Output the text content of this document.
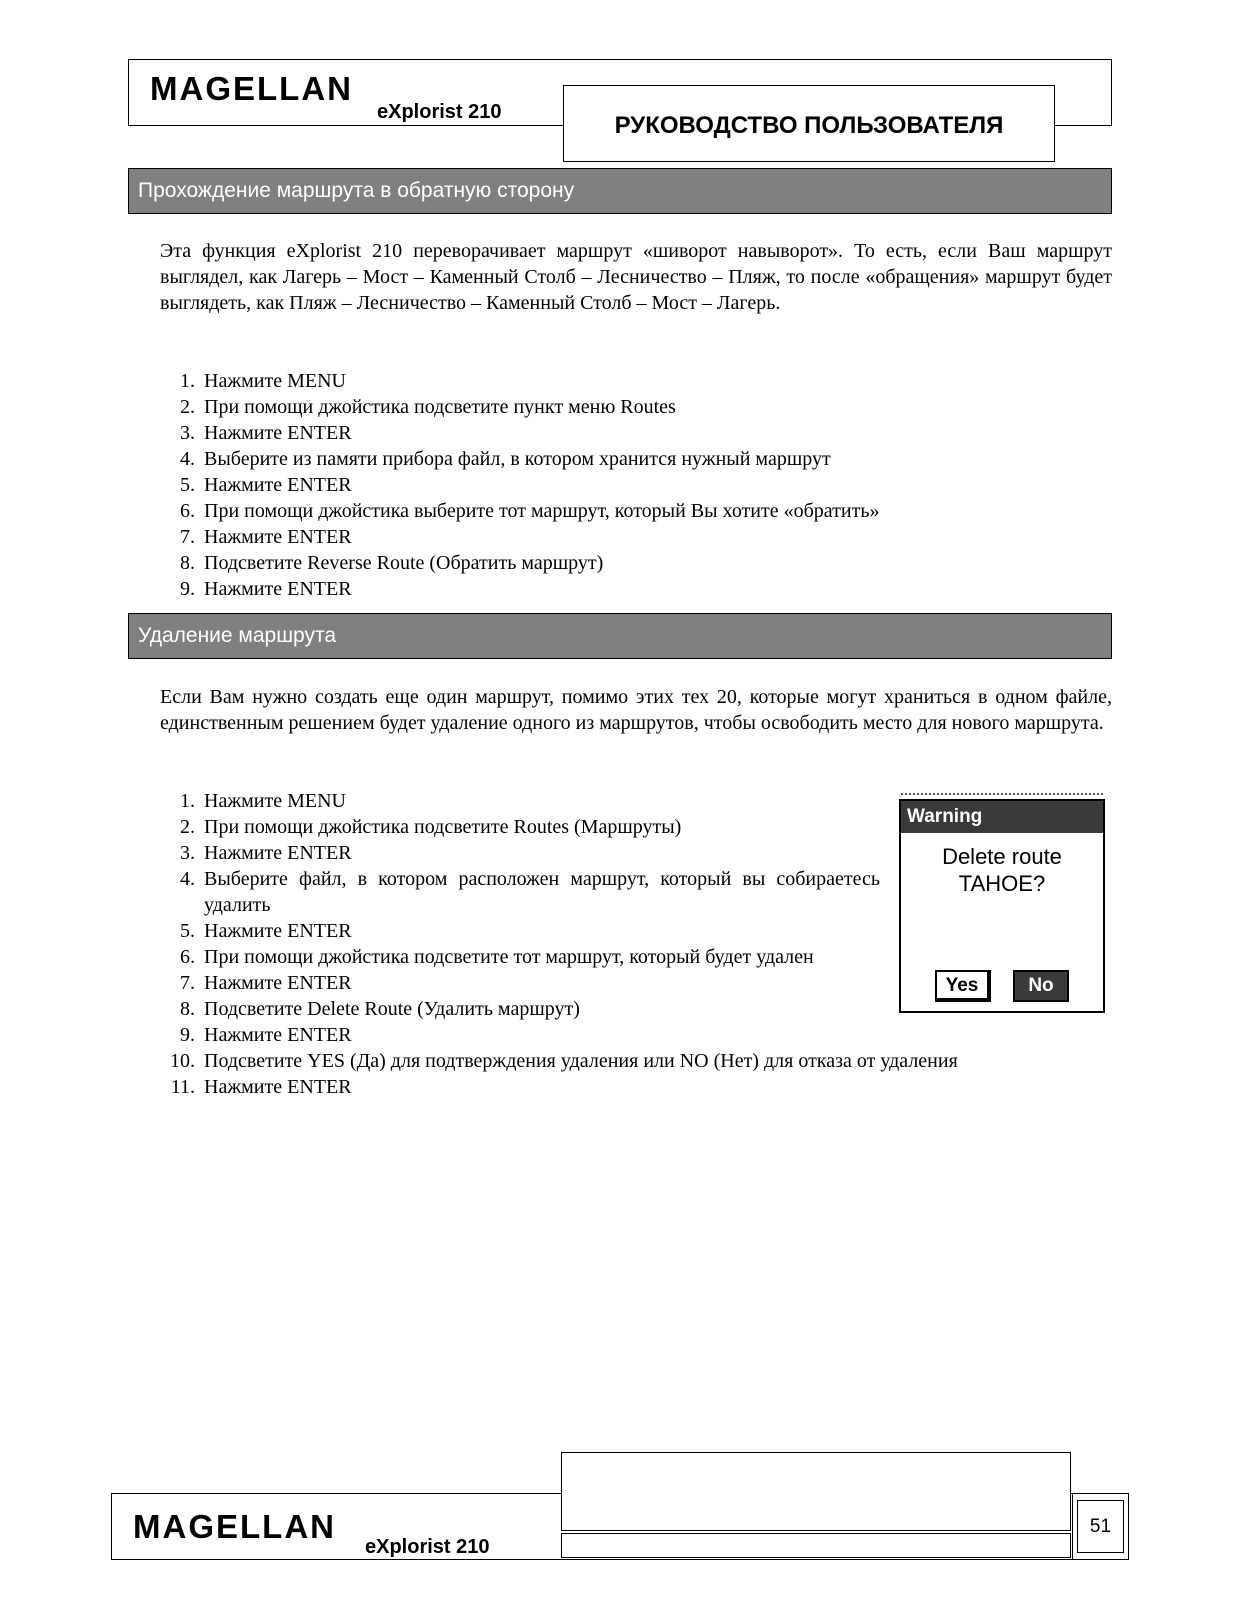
MAGELLAN
eXplorist 210	РУКОВОДСТВО ПОЛЬЗОВАТЕЛЯ
Прохождение маршрута в обратную сторону
Эта функция eXplorist 210 переворачивает маршрут «шиворот навыворот». То есть, если Ваш маршрут выглядел, как Лагерь – Мост – Каменный Столб – Лесничество – Пляж, то после «обращения» маршрут будет выглядеть, как Пляж – Лесничество – Каменный Столб – Мост – Лагерь.
1. Нажмите MENU
2. При помощи джойстика подсветите пункт меню Routes
3. Нажмите ENTER
4. Выберите из памяти прибора файл, в котором хранится нужный маршрут
5. Нажмите ENTER
6. При помощи джойстика выберите тот маршрут, который Вы хотите «обратить»
7. Нажмите ENTER
8. Подсветите Reverse Route (Обратить маршрут)
9. Нажмите ENTER
Удаление маршрута
Если Вам нужно создать еще один маршрут, помимо этих тех 20, которые могут храниться в одном файле, единственным решением будет удаление одного из маршрутов, чтобы освободить место для нового маршрута.
1. Нажмите MENU
2. При помощи джойстика подсветите Routes (Маршруты)
3. Нажмите ENTER
4. Выберите файл, в котором расположен маршрут, который вы собираетесь удалить
5. Нажмите ENTER
6. При помощи джойстика подсветите тот маршрут, который будет удален
7. Нажмите ENTER
8. Подсветите Delete Route (Удалить маршрут)
9. Нажмите ENTER
10. Подсветите YES (Да) для подтверждения удаления или NO (Нет) для отказа от удаления
11. Нажмите ENTER
Warning
Delete route
TAHOE?
Yes	No
MAGELLAN
eXplorist 210
51
